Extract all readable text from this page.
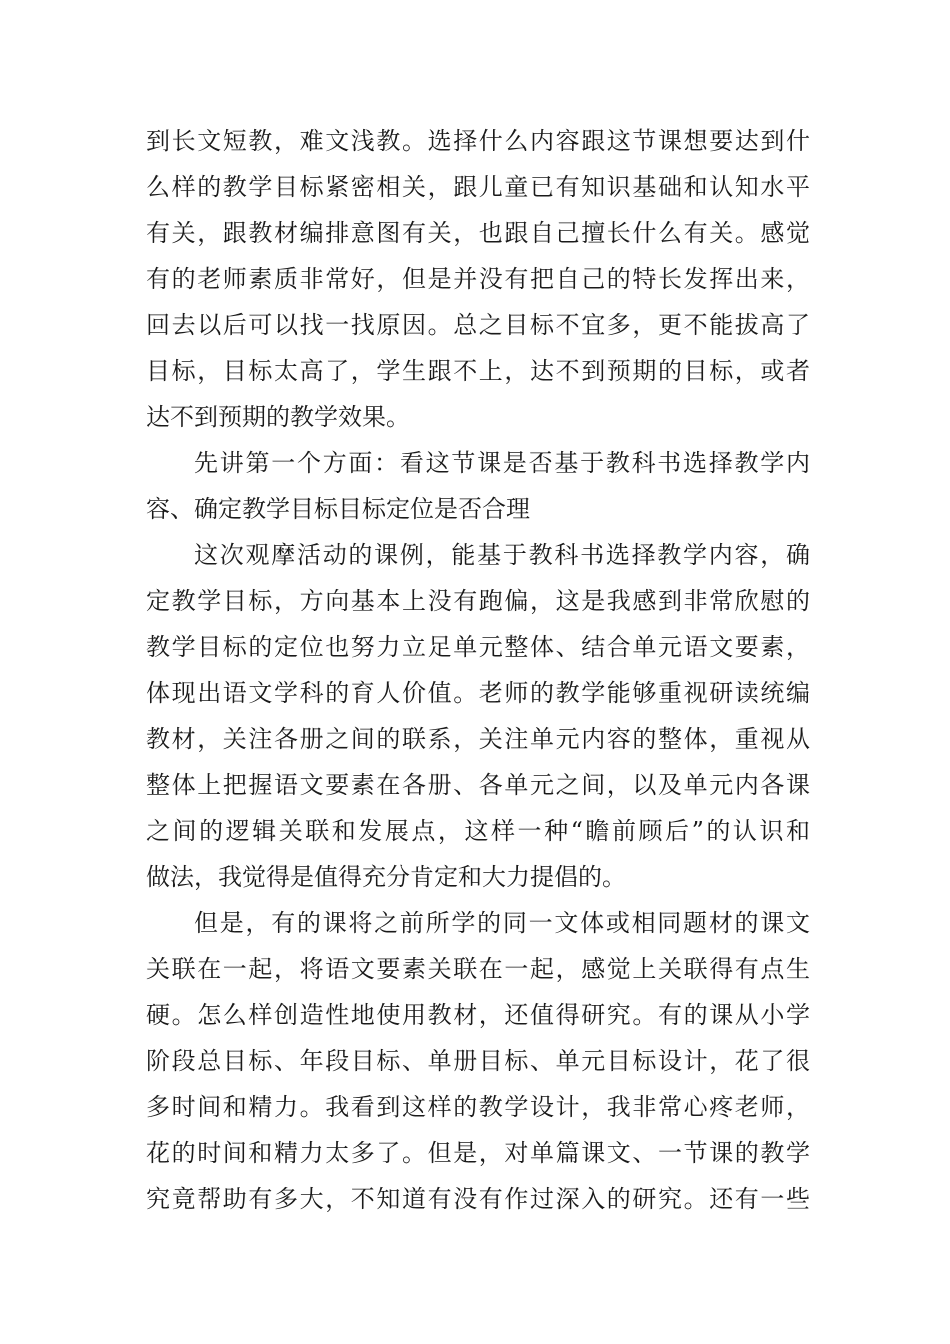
到长文短教，难文浅教。选择什么内容跟这节课想要达到什
么样的教学目标紧密相关，跟儿童已有知识基础和认知水平
有关，跟教材编排意图有关，也跟自己擅长什么有关。感觉
有的老师素质非常好，但是并没有把自己的特长发挥出来，
回去以后可以找一找原因。总之目标不宜多，更不能拔高了
目标，目标太高了，学生跟不上，达不到预期的目标，或者
达不到预期的教学效果。
先讲第一个方面：看这节课是否基于教科书选择教学内
容、确定教学目标目标定位是否合理
这次观摩活动的课例，能基于教科书选择教学内容，确
定教学目标，方向基本上没有跑偏，这是我感到非常欣慰的
教学目标的定位也努力立足单元整体、结合单元语文要素，
体现出语文学科的育人价值。老师的教学能够重视研读统编
教材，关注各册之间的联系，关注单元内容的整体，重视从
整体上把握语文要素在各册、各单元之间，以及单元内各课
之间的逻辑关联和发展点，这样一种“瞻前顾后”的认识和
做法，我觉得是值得充分肯定和大力提倡的。
但是，有的课将之前所学的同一文体或相同题材的课文
关联在一起，将语文要素关联在一起，感觉上关联得有点生
硬。怎么样创造性地使用教材，还值得研究。有的课从小学
阶段总目标、年段目标、单册目标、单元目标设计，花了很
多时间和精力。我看到这样的教学设计，我非常心疼老师，
花的时间和精力太多了。但是，对单篇课文、一节课的教学
究竟帮助有多大，不知道有没有作过深入的研究。还有一些
